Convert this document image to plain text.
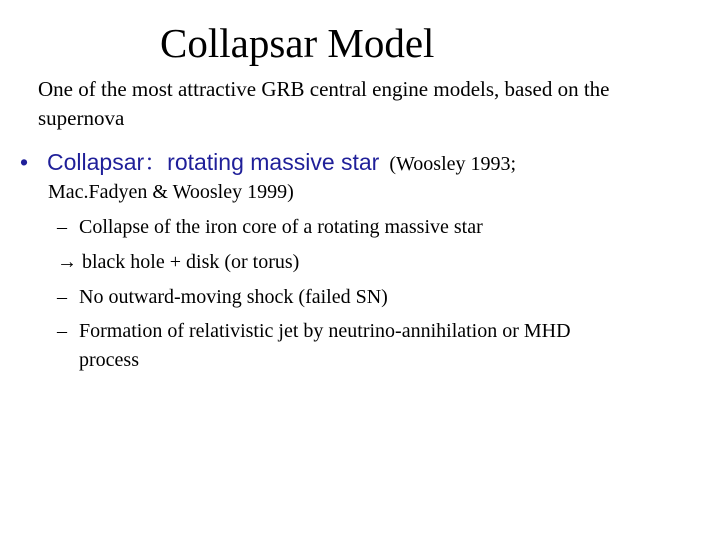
Collapsar Model
One of the most attractive GRB central engine models, based on the supernova
• Collapsar：rotating massive star (Woosley 1993;
Mac.Fadyen & Woosley 1999)
– Collapse of the iron core of a rotating massive star
→ black hole + disk (or torus)
– No outward-moving shock (failed SN)
– Formation of relativistic jet by neutrino-annihilation or MHD
process
